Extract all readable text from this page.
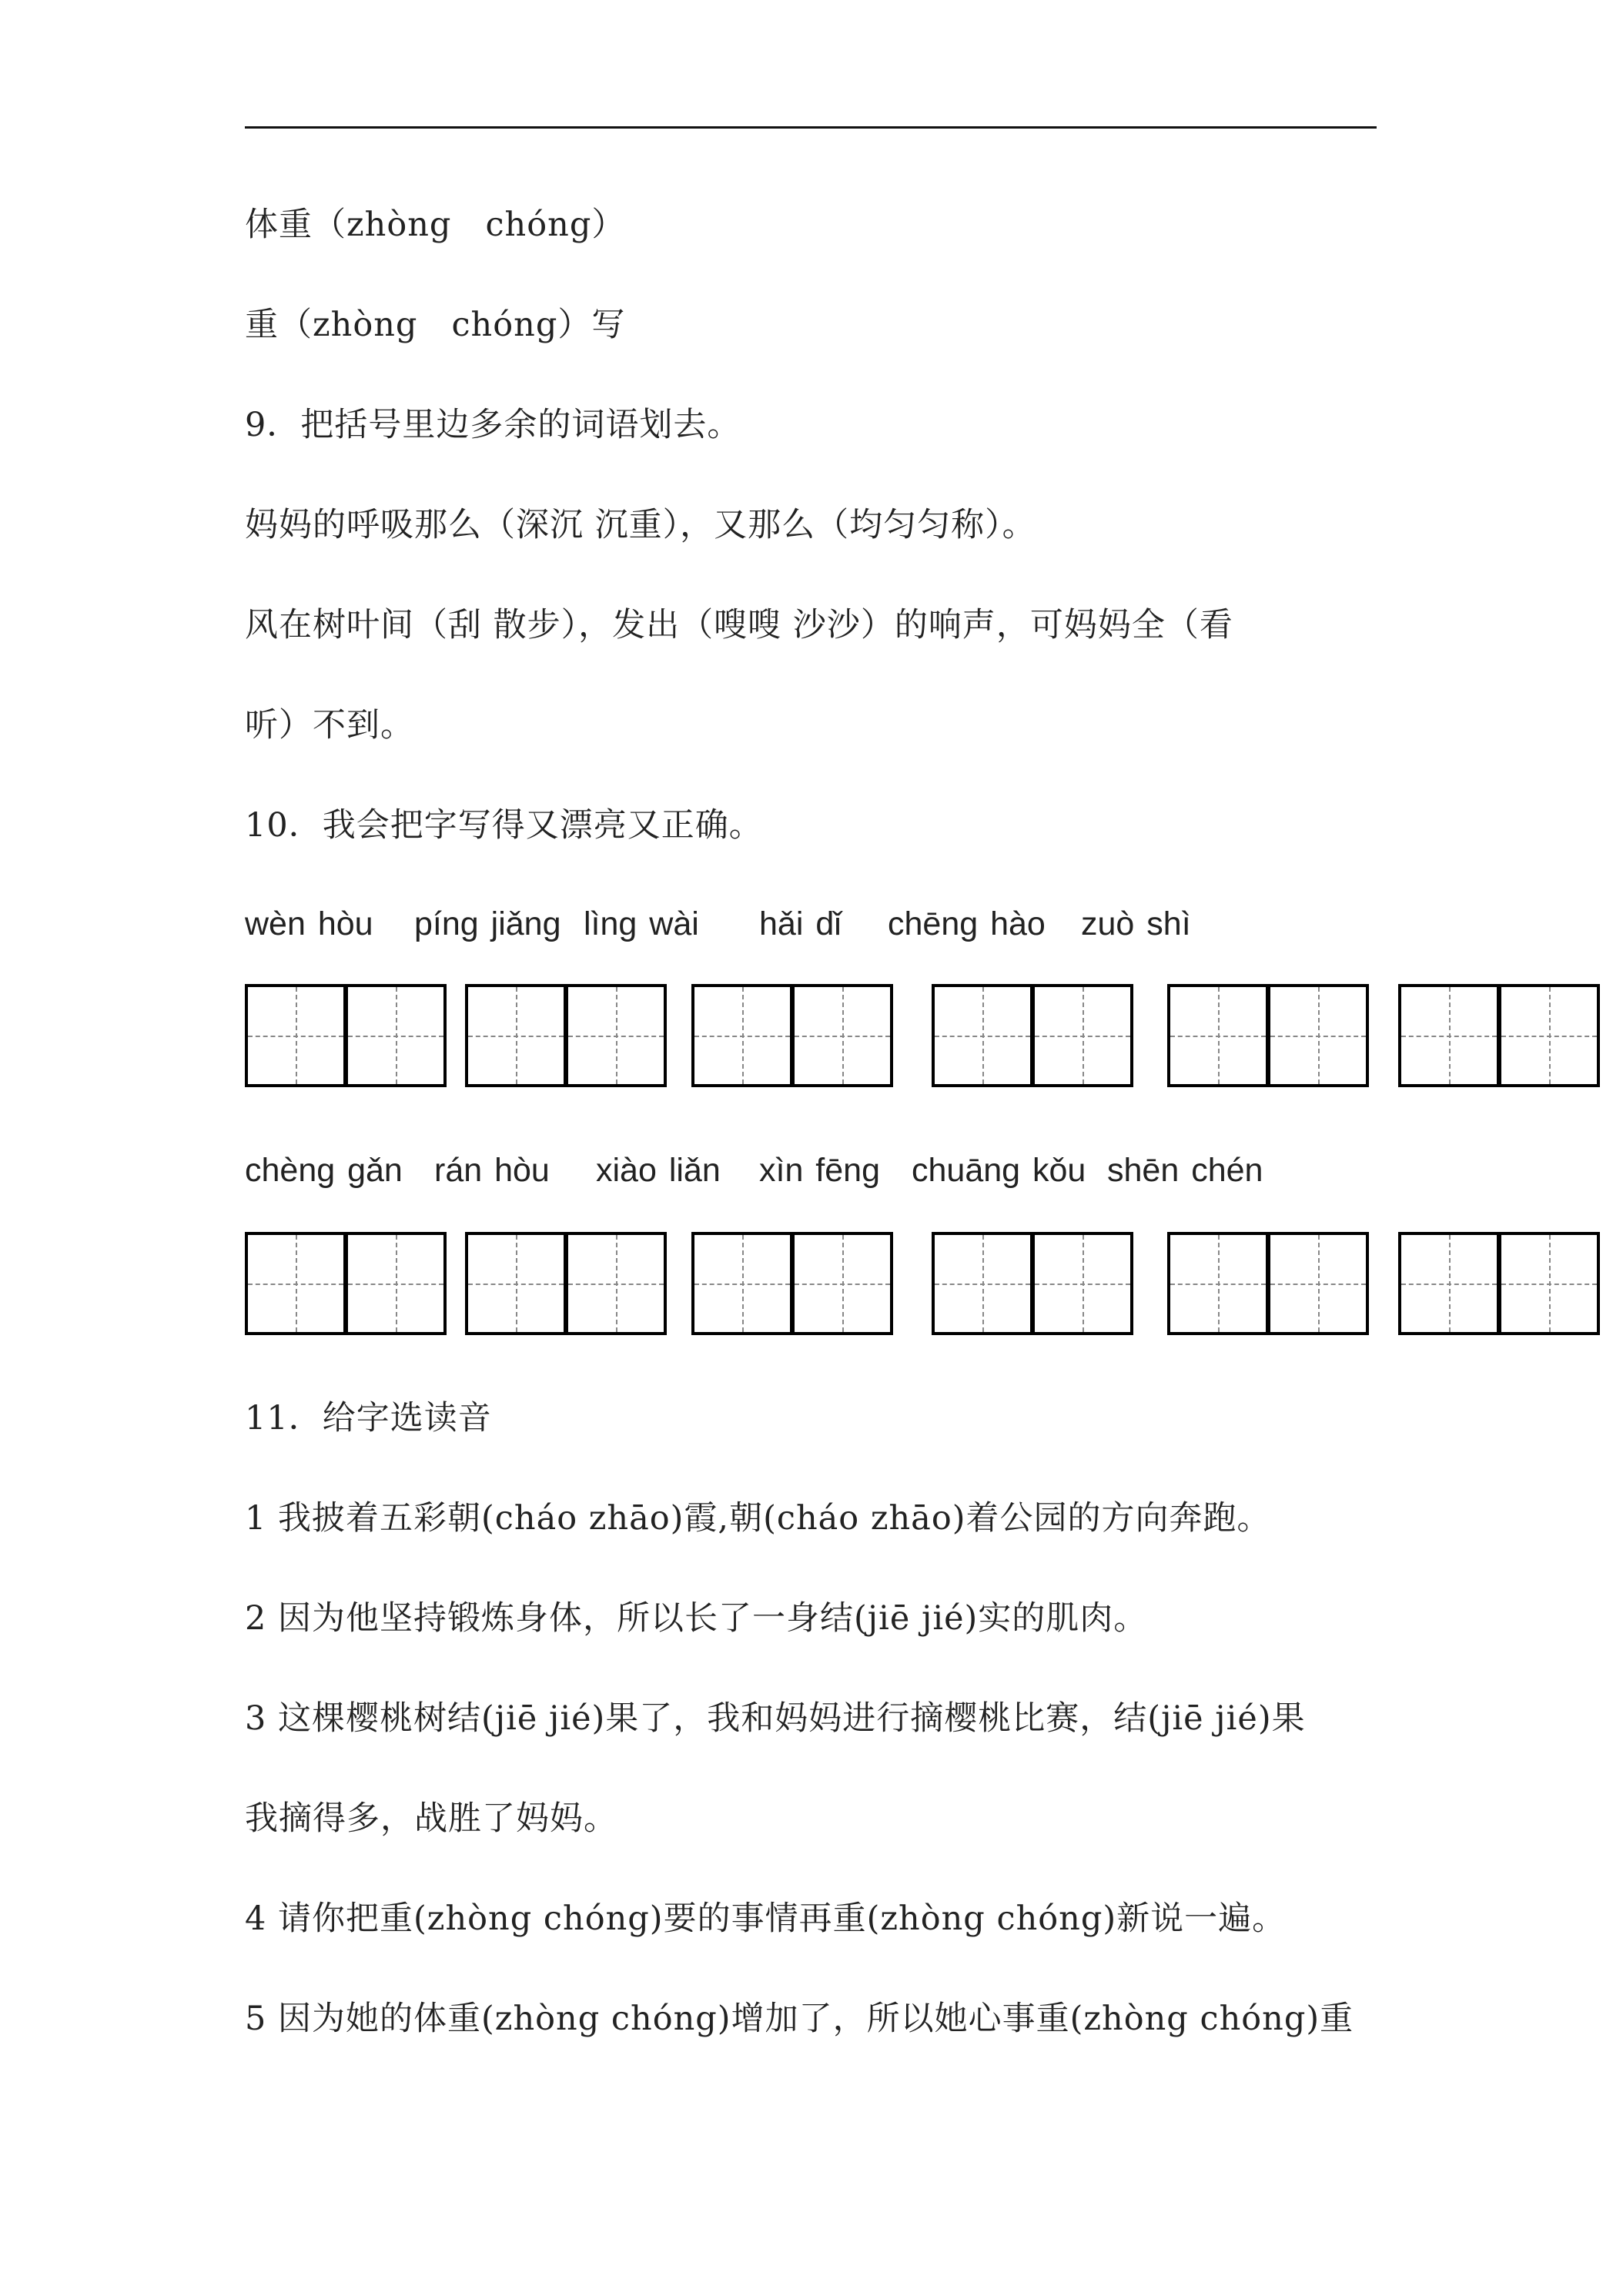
体重（zhòng　chóng）
重（zhòng　chóng）写
9．把括号里边多余的词语划去。
妈妈的呼吸那么（深沉 沉重），又那么（均匀匀称）。
风在树叶间（刮 散步），发出（嗖嗖 沙沙）的响声，可妈妈全（看
听）不到。
10．我会把字写得又漂亮又正确。
wèn hòu píng jiǎng lìng wài hǎi dǐ chēng hào zuò shì
chèng gǎn rán hòu xiào liǎn xìn fēng chuāng kǒu shēn chén
11．给字选读音
1 我披着五彩朝(cháo zhāo)霞,朝(cháo zhāo)着公园的方向奔跑。
2 因为他坚持锻炼身体，所以长了一身结(jiē jié)实的肌肉。
3 这棵樱桃树结(jiē jié)果了，我和妈妈进行摘樱桃比赛，结(jiē jié)果
我摘得多，战胜了妈妈。
4 请你把重(zhòng chóng)要的事情再重(zhòng chóng)新说一遍。
5 因为她的体重(zhòng chóng)增加了，所以她心事重(zhòng chóng)重
